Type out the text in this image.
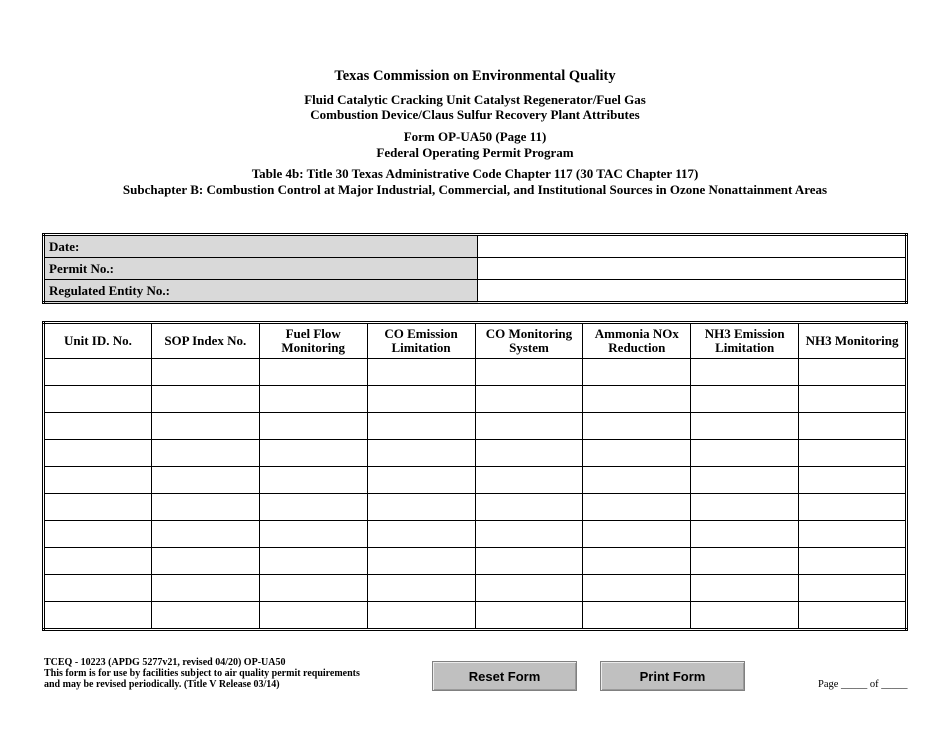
Texas Commission on Environmental Quality
Fluid Catalytic Cracking Unit Catalyst Regenerator/Fuel Gas
Combustion Device/Claus Sulfur Recovery Plant Attributes
Form OP-UA50 (Page 11)
Federal Operating Permit Program
Table 4b: Title 30 Texas Administrative Code Chapter 117 (30 TAC Chapter 117)
Subchapter B: Combustion Control at Major Industrial, Commercial, and Institutional Sources in Ozone Nonattainment Areas
Date:	
Permit No.:	
Regulated Entity No.:	
Unit ID. No.	SOP Index No.	Fuel Flow Monitoring	CO Emission Limitation	CO Monitoring System	Ammonia NOx Reduction	NH3 Emission Limitation	NH3 Monitoring

TCEQ - 10223 (APDG 5277v21, revised 04/20) OP-UA50
This form is for use by facilities subject to air quality permit requirements
and may be revised periodically. (Title V Release 03/14)
Reset Form	Print Form
Page _____ of _____
